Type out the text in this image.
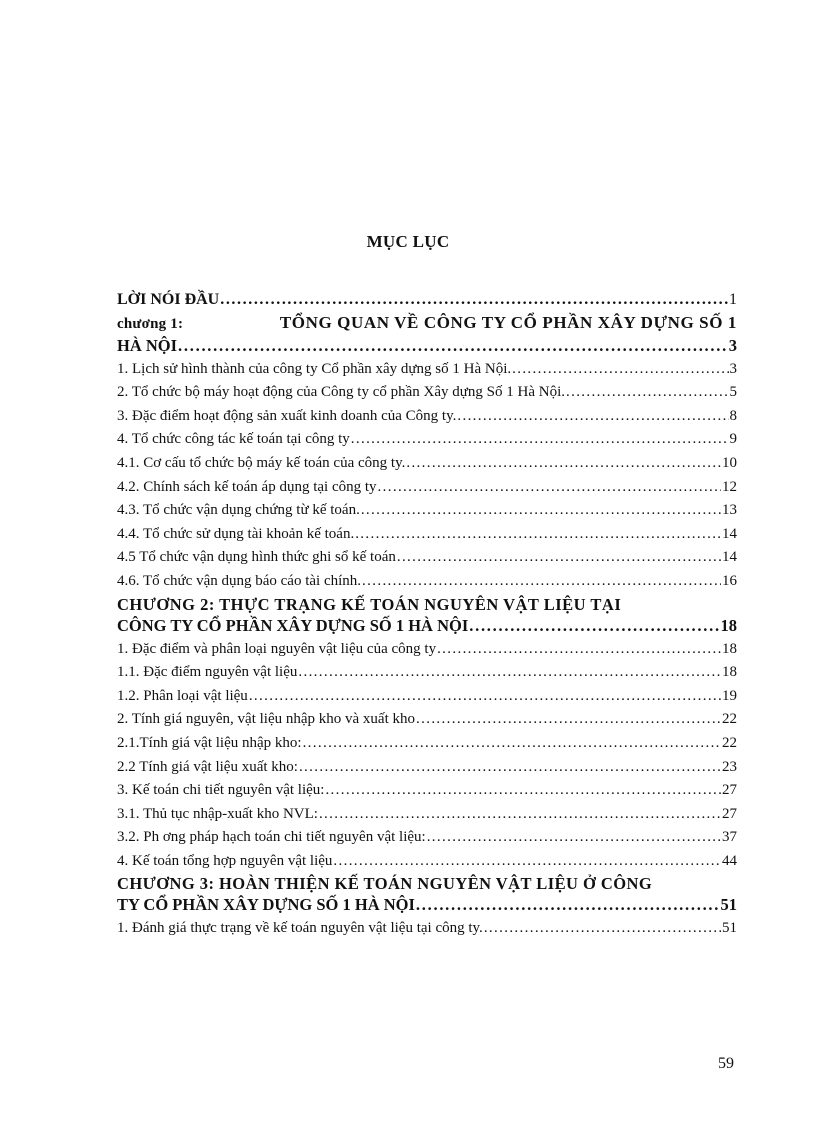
MỤC LỤC
LỜI NÓI ĐẦU . . .	1
chương 1:	TỔNG QUAN VỀ CÔNG TY CỔ PHẦN XÂY DỰNG SỐ 1
HÀ NỘI . . .	3
1. Lịch sử hình thành của công ty Cổ phần xây dựng số 1 Hà Nội. . . .	3
2. Tổ chức bộ máy hoạt động của Công ty cổ phần Xây dựng Số 1 Hà Nội. . . .	5
3. Đặc điểm hoạt động sản xuất kinh doanh của Công ty. . . .	8
4. Tổ chức công tác kế toán tại công ty . . .	9
4.1. Cơ cấu tổ chức bộ máy kế toán của công ty. . . .	10
4.2. Chính sách kế toán áp dụng tại công ty . . .	12
4.3. Tổ chức vận dụng chứng từ kế toán. . . .	13
4.4. Tổ chức sử dụng tài khoản kế toán. . . .	14
4.5 Tổ chức vận dụng hình thức ghi sổ kế toán . . .	14
4.6. Tổ chức vận dụng báo cáo tài chính. . . .	16
CHƯƠNG 2: THỰC TRẠNG KẾ TOÁN NGUYÊN VẬT LIỆU TẠI
CÔNG TY CỔ PHẦN XÂY DỰNG SỐ 1 HÀ NỘI . . .	18
1. Đặc điểm và phân loại nguyên vật liệu của công ty . . .	18
1.1. Đặc điểm nguyên vật liệu . . .	18
1.2. Phân loại vật liệu . . .	19
2. Tính giá nguyên, vật liệu nhập kho và xuất kho . . .	22
2.1.Tính giá vật liệu nhập kho: . . .	22
2.2 Tính giá vật liệu xuất kho: . . .	23
3. Kế toán chi tiết nguyên vật liệu: . . .	27
3.1. Thủ tục nhập-xuất kho NVL: . . .	27
3.2. Ph ơng pháp hạch toán chi tiết nguyên vật liệu: . . .	37
4. Kế toán tổng hợp nguyên vật liệu . . .	44
CHƯƠNG 3: HOÀN THIỆN KẾ TOÁN NGUYÊN VẬT LIỆU Ở CÔNG
TY CỔ PHẦN XÂY DỰNG SỐ 1 HÀ NỘI . . .	51
1. Đánh giá thực trạng về kế toán nguyên vật liệu tại công ty. . . .	51
59
